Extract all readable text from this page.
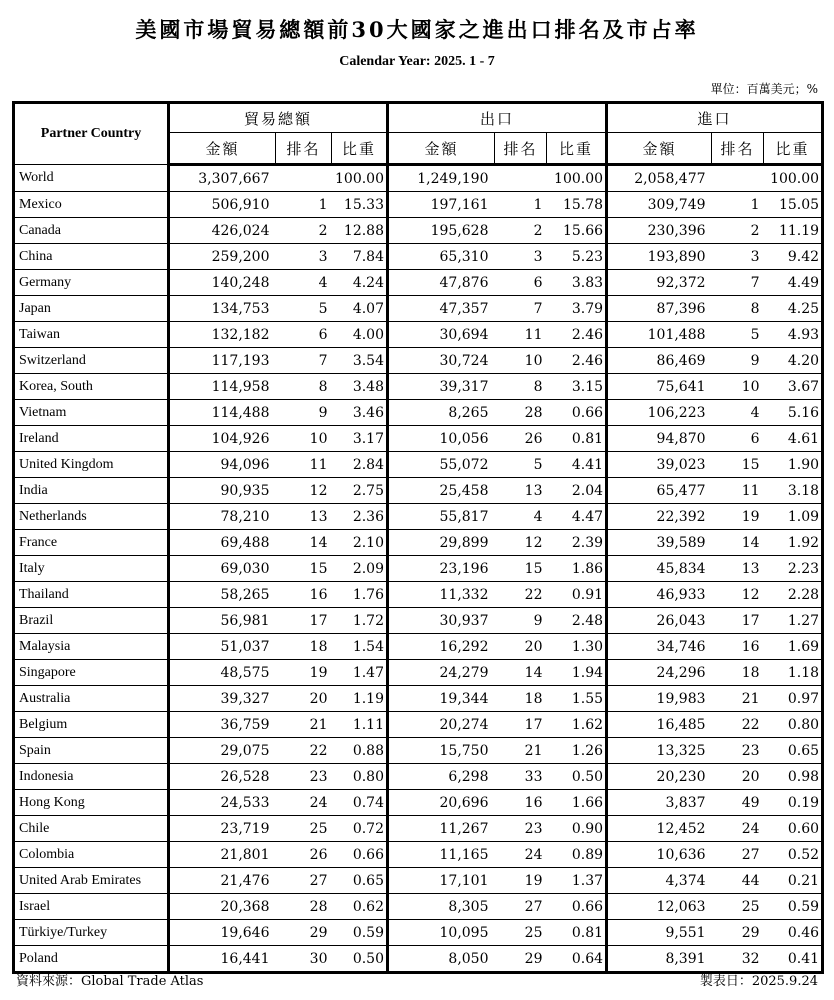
美國市場貿易總額前30大國家之進出口排名及市占率
Calendar Year: 2025. 1 - 7
單位：百萬美元；%
Partner Country	貿易總額			出口			進口		
	金額	排名	比重	金額	排名	比重	金額	排名	比重
World	3,307,667		100.00	1,249,190		100.00	2,058,477		100.00
Mexico	506,910	1	15.33	197,161	1	15.78	309,749	1	15.05
Canada	426,024	2	12.88	195,628	2	15.66	230,396	2	11.19
China	259,200	3	7.84	65,310	3	5.23	193,890	3	9.42
Germany	140,248	4	4.24	47,876	6	3.83	92,372	7	4.49
Japan	134,753	5	4.07	47,357	7	3.79	87,396	8	4.25
Taiwan	132,182	6	4.00	30,694	11	2.46	101,488	5	4.93
Switzerland	117,193	7	3.54	30,724	10	2.46	86,469	9	4.20
Korea, South	114,958	8	3.48	39,317	8	3.15	75,641	10	3.67
Vietnam	114,488	9	3.46	8,265	28	0.66	106,223	4	5.16
Ireland	104,926	10	3.17	10,056	26	0.81	94,870	6	4.61
United Kingdom	94,096	11	2.84	55,072	5	4.41	39,023	15	1.90
India	90,935	12	2.75	25,458	13	2.04	65,477	11	3.18
Netherlands	78,210	13	2.36	55,817	4	4.47	22,392	19	1.09
France	69,488	14	2.10	29,899	12	2.39	39,589	14	1.92
Italy	69,030	15	2.09	23,196	15	1.86	45,834	13	2.23
Thailand	58,265	16	1.76	11,332	22	0.91	46,933	12	2.28
Brazil	56,981	17	1.72	30,937	9	2.48	26,043	17	1.27
Malaysia	51,037	18	1.54	16,292	20	1.30	34,746	16	1.69
Singapore	48,575	19	1.47	24,279	14	1.94	24,296	18	1.18
Australia	39,327	20	1.19	19,344	18	1.55	19,983	21	0.97
Belgium	36,759	21	1.11	20,274	17	1.62	16,485	22	0.80
Spain	29,075	22	0.88	15,750	21	1.26	13,325	23	0.65
Indonesia	26,528	23	0.80	6,298	33	0.50	20,230	20	0.98
Hong Kong	24,533	24	0.74	20,696	16	1.66	3,837	49	0.19
Chile	23,719	25	0.72	11,267	23	0.90	12,452	24	0.60
Colombia	21,801	26	0.66	11,165	24	0.89	10,636	27	0.52
United Arab Emirates	21,476	27	0.65	17,101	19	1.37	4,374	44	0.21
Israel	20,368	28	0.62	8,305	27	0.66	12,063	25	0.59
Türkiye/Turkey	19,646	29	0.59	10,095	25	0.81	9,551	29	0.46
Poland	16,441	30	0.50	8,050	29	0.64	8,391	32	0.41
資料來源：Global Trade Atlas	製表日：2025.9.24
